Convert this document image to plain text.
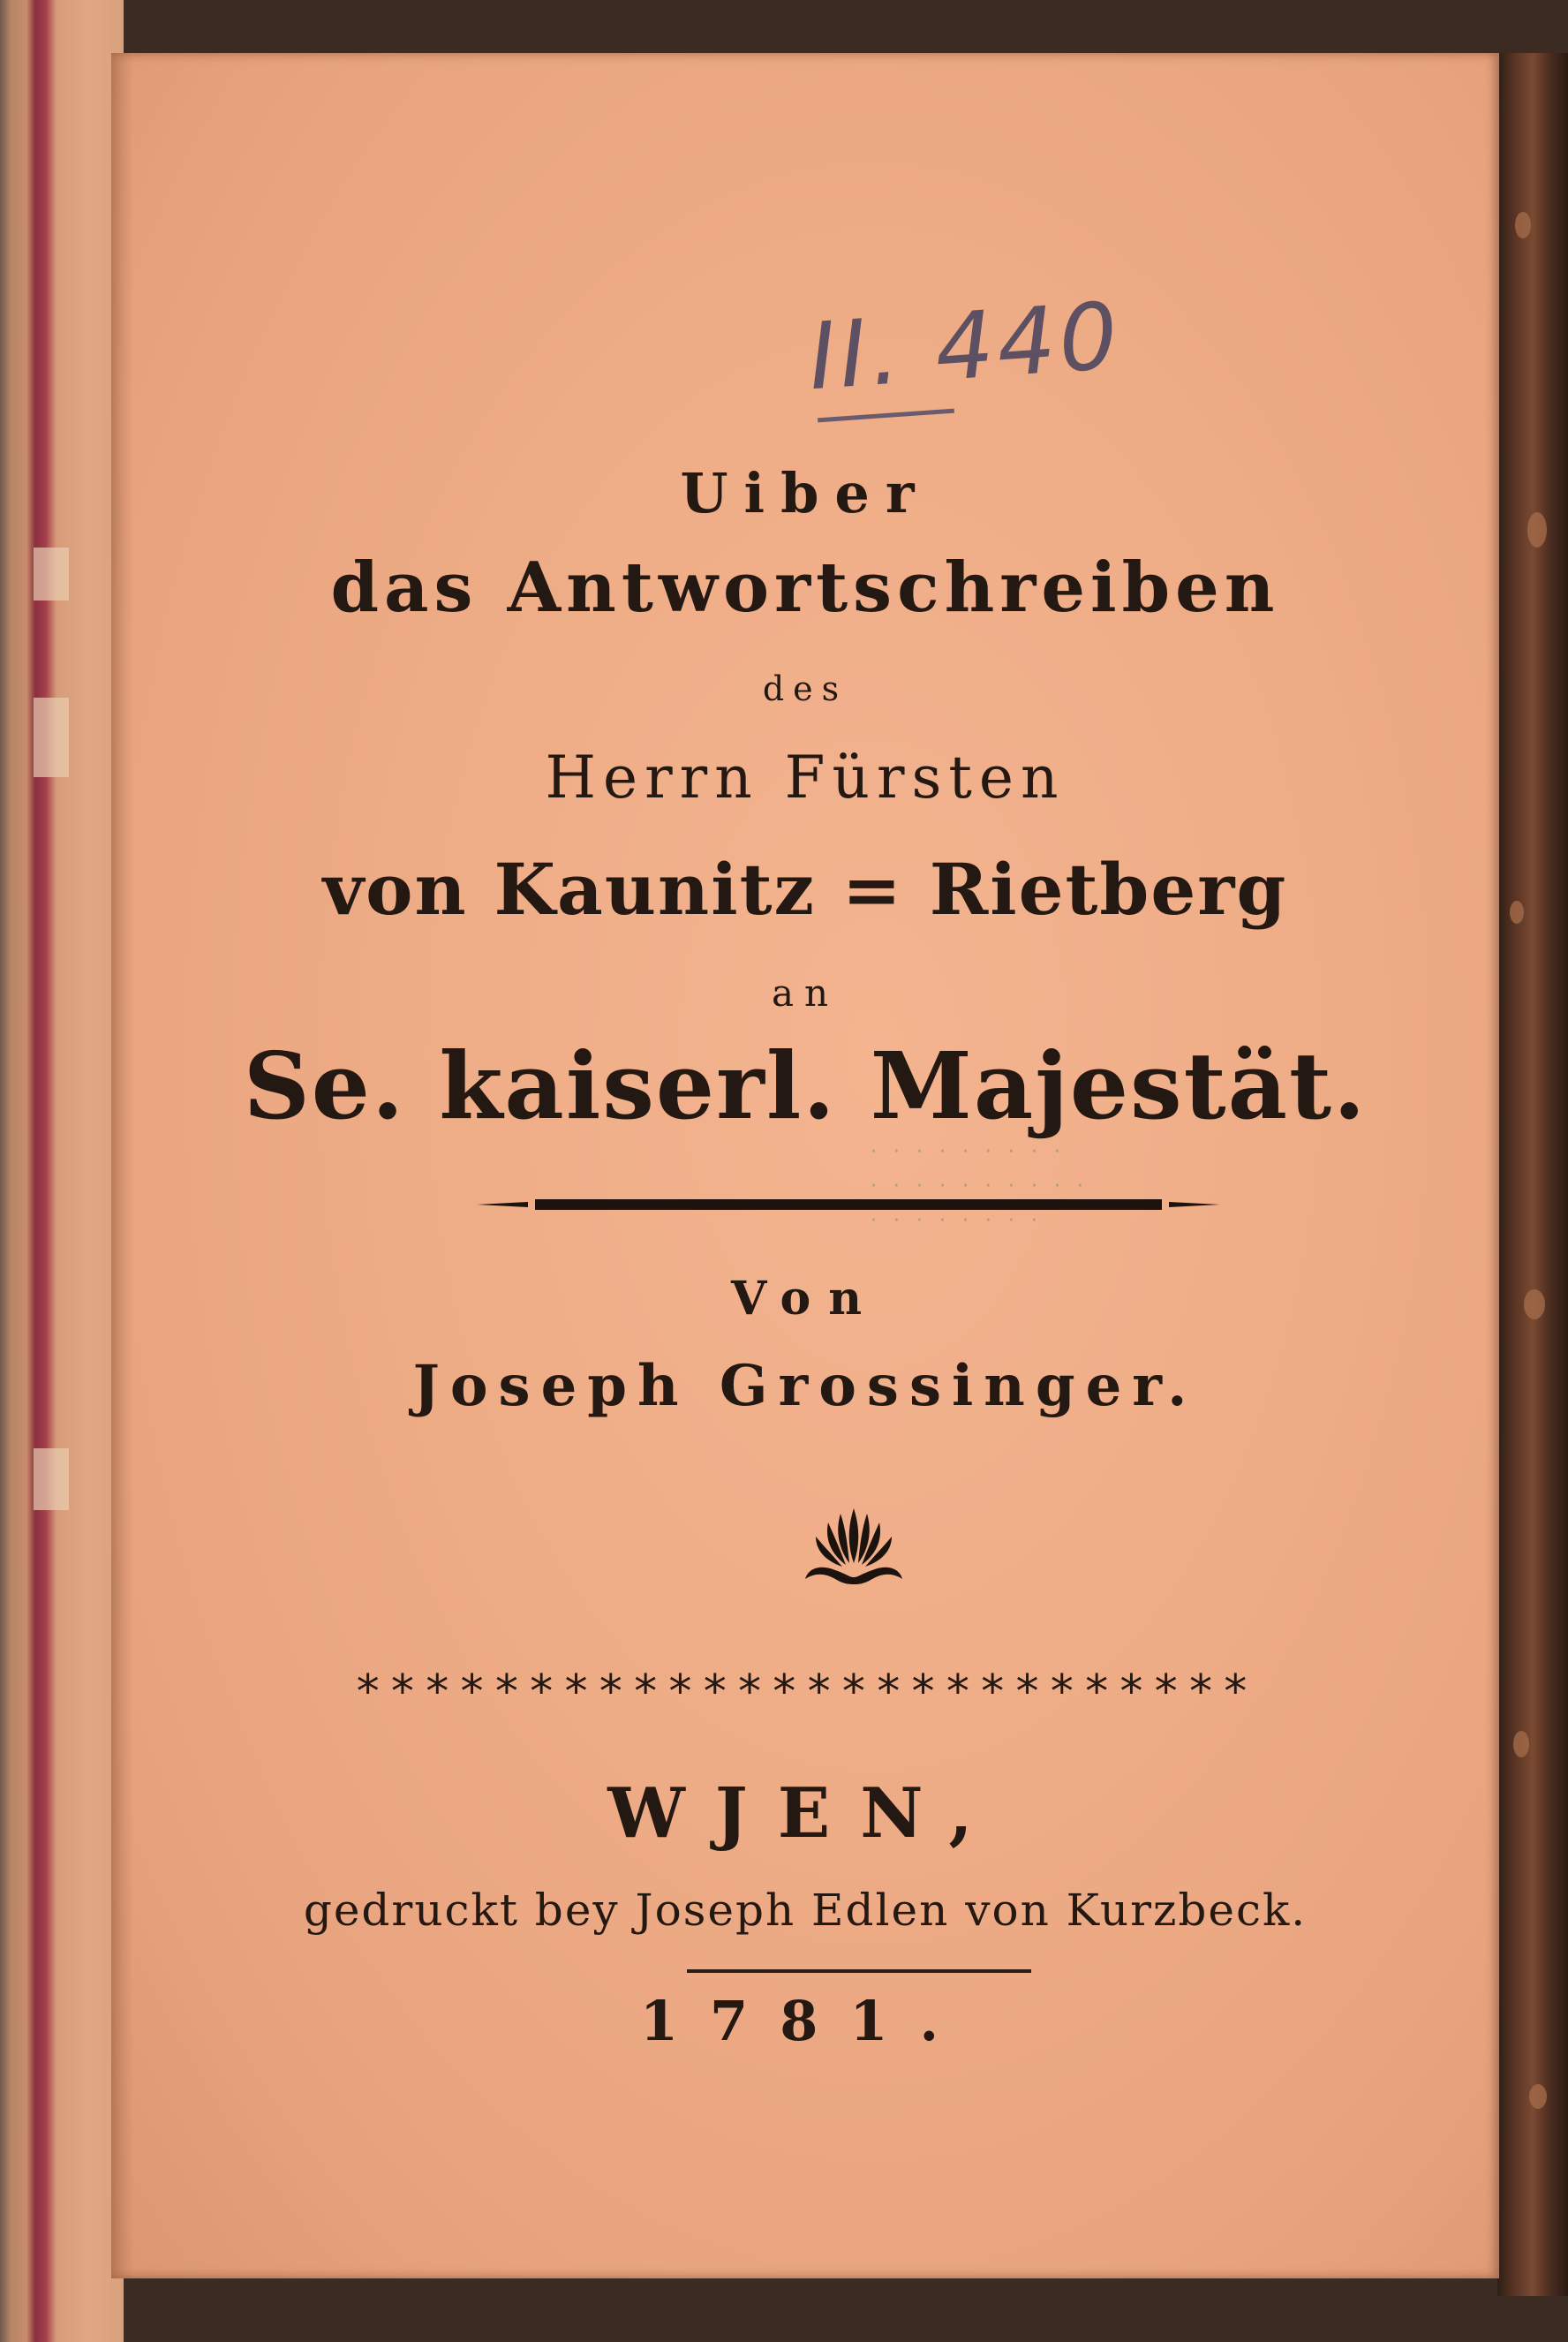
II. 440
Uiber
das Antwortschreiben
des
Herrn Fürsten
von Kaunitz = Rietberg
an
Se. kaiserl. Majestät.
· · · · · · · · ·
· · · · · · · · · ·
· · · · · · · ·
Von
Joseph Grossinger.
**************************
WJEN,
gedruckt bey Joseph Edlen von Kurzbeck.
1781.
